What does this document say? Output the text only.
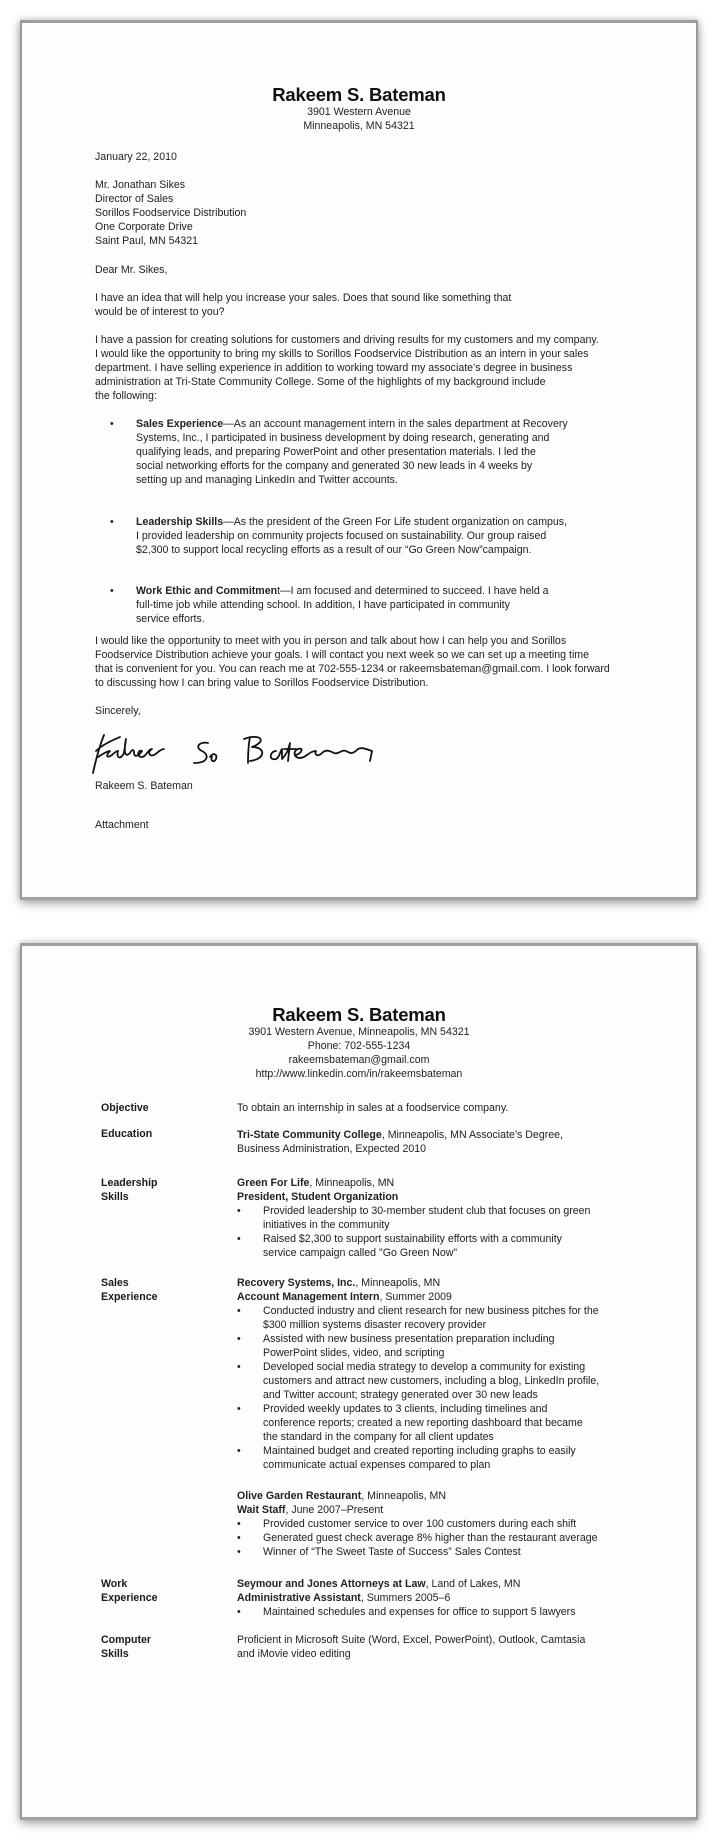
Rakeem S. Bateman
3901 Western Avenue
Minneapolis, MN 54321
January 22, 2010

Mr. Jonathan Sikes

Director of Sales

Sorillos Foodservice Distribution

One Corporate Drive

Saint Paul, MN 54321

Dear Mr. Sikes,

I have an idea that will help you increase your sales. Does that sound like something that

would be of interest to you?

I have a passion for creating solutions for customers and driving results for my customers and my company.

I would like the opportunity to bring my skills to Sorillos Foodservice Distribution as an intern in your sales

department. I have selling experience in addition to working toward my associate’s degree in business

administration at Tri-State Community College. Some of the highlights of my background include

the following:

• Sales Experience—As an account management intern in the sales department at Recovery

Systems, Inc., I participated in business development by doing research, generating and

qualifying leads, and preparing PowerPoint and other presentation materials. I led the

social networking efforts for the company and generated 30 new leads in 4 weeks by

setting up and managing LinkedIn and Twitter accounts.

• Leadership Skills—As the president of the Green For Life student organization on campus,

I provided leadership on community projects focused on sustainability. Our group raised

$2,300 to support local recycling efforts as a result of our “Go Green Now”campaign.

• Work Ethic and Commitment—I am focused and determined to succeed. I have held a

full-time job while attending school. In addition, I have participated in community

service efforts.

I would like the opportunity to meet with you in person and talk about how I can help you and Sorillos

Foodservice Distribution achieve your goals. I will contact you next week so we can set up a meeting time

that is convenient for you. You can reach me at 702-555-1234 or rakeemsbateman@gmail.com. I look forward

to discussing how I can bring value to Sorillos Foodservice Distribution.

Sincerely,
Rakeem S. Bateman
Attachment
Rakeem S. Bateman
3901 Western Avenue, Minneapolis, MN 54321
Phone: 702-555-1234
rakeemsbateman@gmail.com
http://www.linkedin.com/in/rakeemsbateman
Objective	To obtain an internship in sales at a foodservice company.
Education	Tri-State Community College, Minneapolis, MN Associate’s Degree,
Business Administration, Expected 2010
Leadership
Skills
Green For Life, Minneapolis, MN
President, Student Organization
• Provided leadership to 30-member student club that focuses on green
initiatives in the community
• Raised $2,300 to support sustainability efforts with a community
service campaign called "Go Green Now"
Sales
Experience
Recovery Systems, Inc., Minneapolis, MN
Account Management Intern, Summer 2009
• Conducted industry and client research for new business pitches for the
$300 million systems disaster recovery provider
• Assisted with new business presentation preparation including
PowerPoint slides, video, and scripting
• Developed social media strategy to develop a community for existing
customers and attract new customers, including a blog, LinkedIn profile,
and Twitter account; strategy generated over 30 new leads
• Provided weekly updates to 3 clients, including timelines and
conference reports; created a new reporting dashboard that became
the standard in the company for all client updates
• Maintained budget and created reporting including graphs to easily
communicate actual expenses compared to plan
Olive Garden Restaurant, Minneapolis, MN
Wait Staff, June 2007–Present
• Provided customer service to over 100 customers during each shift
• Generated guest check average 8% higher than the restaurant average
• Winner of “The Sweet Taste of Success” Sales Contest
Work
Experience
Seymour and Jones Attorneys at Law, Land of Lakes, MN
Administrative Assistant, Summers 2005–6
• Maintained schedules and expenses for office to support 5 lawyers
Computer
Skills
Proficient in Microsoft Suite (Word, Excel, PowerPoint), Outlook, Camtasia
and iMovie video editing
